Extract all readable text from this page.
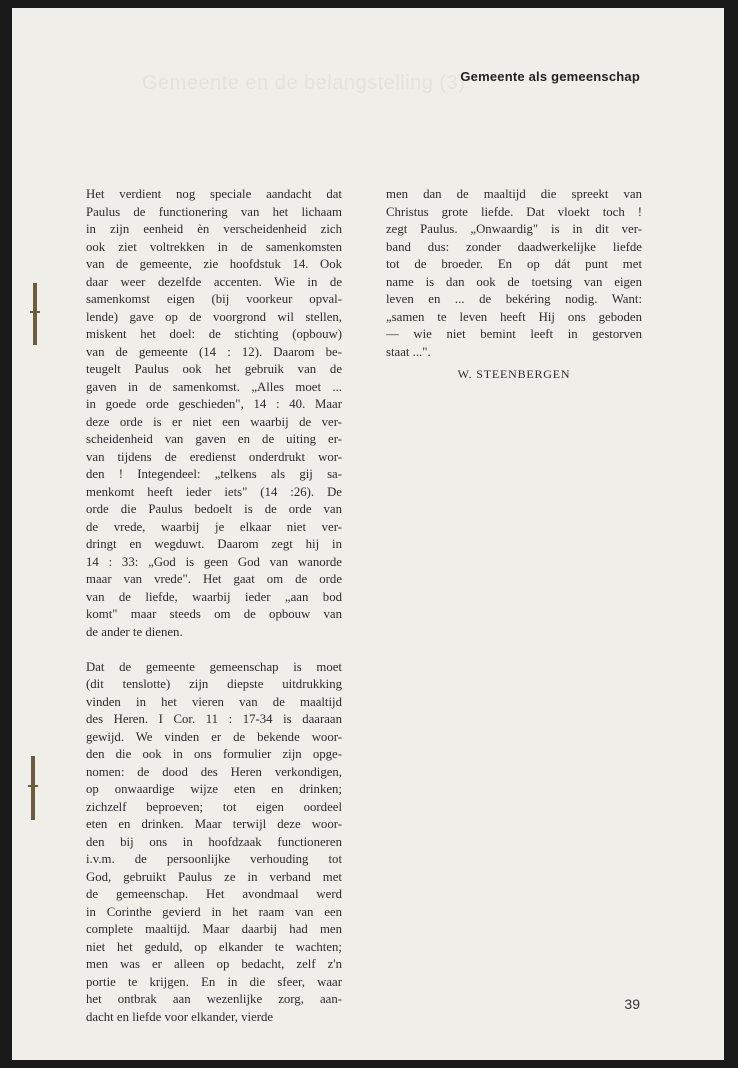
Gemeente en de belangstelling (3)
Gemeente als gemeenschap
Het verdient nog speciale aandacht dat
Paulus de functionering van het lichaam
in zijn eenheid èn verscheidenheid zich
ook ziet voltrekken in de samenkomsten
van de gemeente, zie hoofdstuk 14. Ook
daar weer dezelfde accenten. Wie in de
samenkomst eigen (bij voorkeur opval-
lende) gave op de voorgrond wil stellen,
miskent het doel: de stichting (opbouw)
van de gemeente (14 : 12). Daarom be-
teugelt Paulus ook het gebruik van de
gaven in de samenkomst. „Alles moet ...
in goede orde geschieden", 14 : 40. Maar
deze orde is er niet een waarbij de ver-
scheidenheid van gaven en de uiting er-
van tijdens de eredienst onderdrukt wor-
den ! Integendeel: „telkens als gij sa-
menkomt heeft ieder iets" (14 :26). De
orde die Paulus bedoelt is de orde van
de vrede, waarbij je elkaar niet ver-
dringt en wegduwt. Daarom zegt hij in
14 : 33: „God is geen God van wanorde
maar van vrede". Het gaat om de orde
van de liefde, waarbij ieder „aan bod
komt" maar steeds om de opbouw van
de ander te dienen.
Dat de gemeente gemeenschap is moet
(dit tenslotte) zijn diepste uitdrukking
vinden in het vieren van de maaltijd
des Heren. I Cor. 11 : 17-34 is daaraan
gewijd. We vinden er de bekende woor-
den die ook in ons formulier zijn opge-
nomen: de dood des Heren verkondigen,
op onwaardige wijze eten en drinken;
zichzelf beproeven; tot eigen oordeel
eten en drinken. Maar terwijl deze woor-
den bij ons in hoofdzaak functioneren
i.v.m. de persoonlijke verhouding tot
God, gebruikt Paulus ze in verband met
de gemeenschap. Het avondmaal werd
in Corinthe gevierd in het raam van een
complete maaltijd. Maar daarbij had men
niet het geduld, op elkander te wachten;
men was er alleen op bedacht, zelf z'n
portie te krijgen. En in die sfeer, waar
het ontbrak aan wezenlijke zorg, aan-
dacht en liefde voor elkander, vierde
men dan de maaltijd die spreekt van
Christus grote liefde. Dat vloekt toch !
zegt Paulus. „Onwaardig" is in dit ver-
band dus: zonder daadwerkelijke liefde
tot de broeder. En op dát punt met
name is dan ook de toetsing van eigen
leven en ... de bekéring nodig. Want:
„samen te leven heeft Hij ons geboden
— wie niet bemint leeft in gestorven
staat ...".
W. STEENBERGEN
39
